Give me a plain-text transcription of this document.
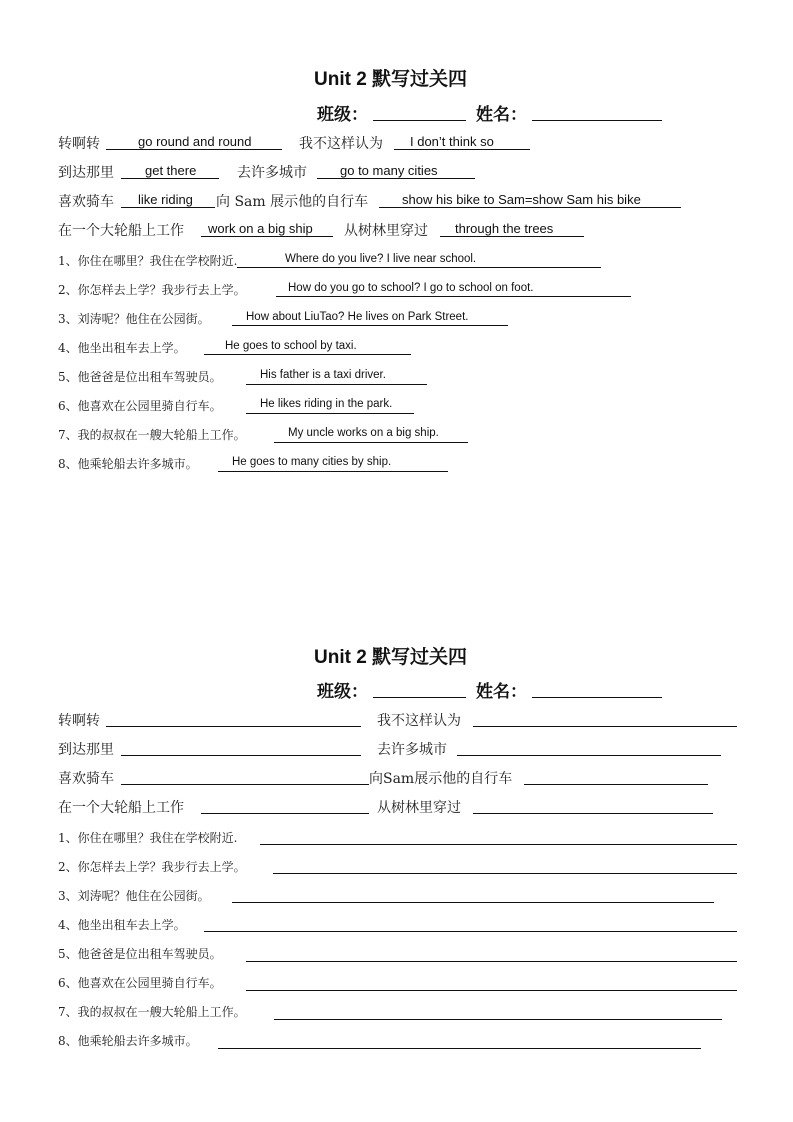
Unit 2 默写过关四
班级：	姓名：
转啊转	go round and round	我不这样认为 I don’t think so
到达那里 get there	去许多城市	go to many cities
喜欢骑车 like riding 向 Sam 展示他的自行车	show his bike to Sam=show Sam his bike
在一个大轮船上工作 work on a big ship 从树林里穿过 through the trees
1、你住在哪里？我住在学校附近.	Where do you live? I live near school.
2、你怎样去上学？我步行去上学。	How do you go to school? I go to school on foot.
3、刘涛呢？他住在公园街。	How about LiuTao? He lives on Park Street.
4、他坐出租车去上学。	He goes to school by taxi.
5、他爸爸是位出租车驾驶员。	His father is a taxi driver.
6、他喜欢在公园里骑自行车。	He likes riding in the park.
7、我的叔叔在一艘大轮船上工作。	My uncle works on a big ship.
8、他乘轮船去许多城市。	He goes to many cities by ship.
Unit 2 默写过关四
班级：	姓名：
转啊转	我不这样认为
到达那里	去许多城市
喜欢骑车	向Sam展示他的自行车
在一个大轮船上工作	从树林里穿过
1、你住在哪里？我住在学校附近.
2、你怎样去上学？我步行去上学。
3、刘涛呢？他住在公园街。
4、他坐出租车去上学。
5、他爸爸是位出租车驾驶员。
6、他喜欢在公园里骑自行车。
7、我的叔叔在一艘大轮船上工作。
8、他乘轮船去许多城市。
